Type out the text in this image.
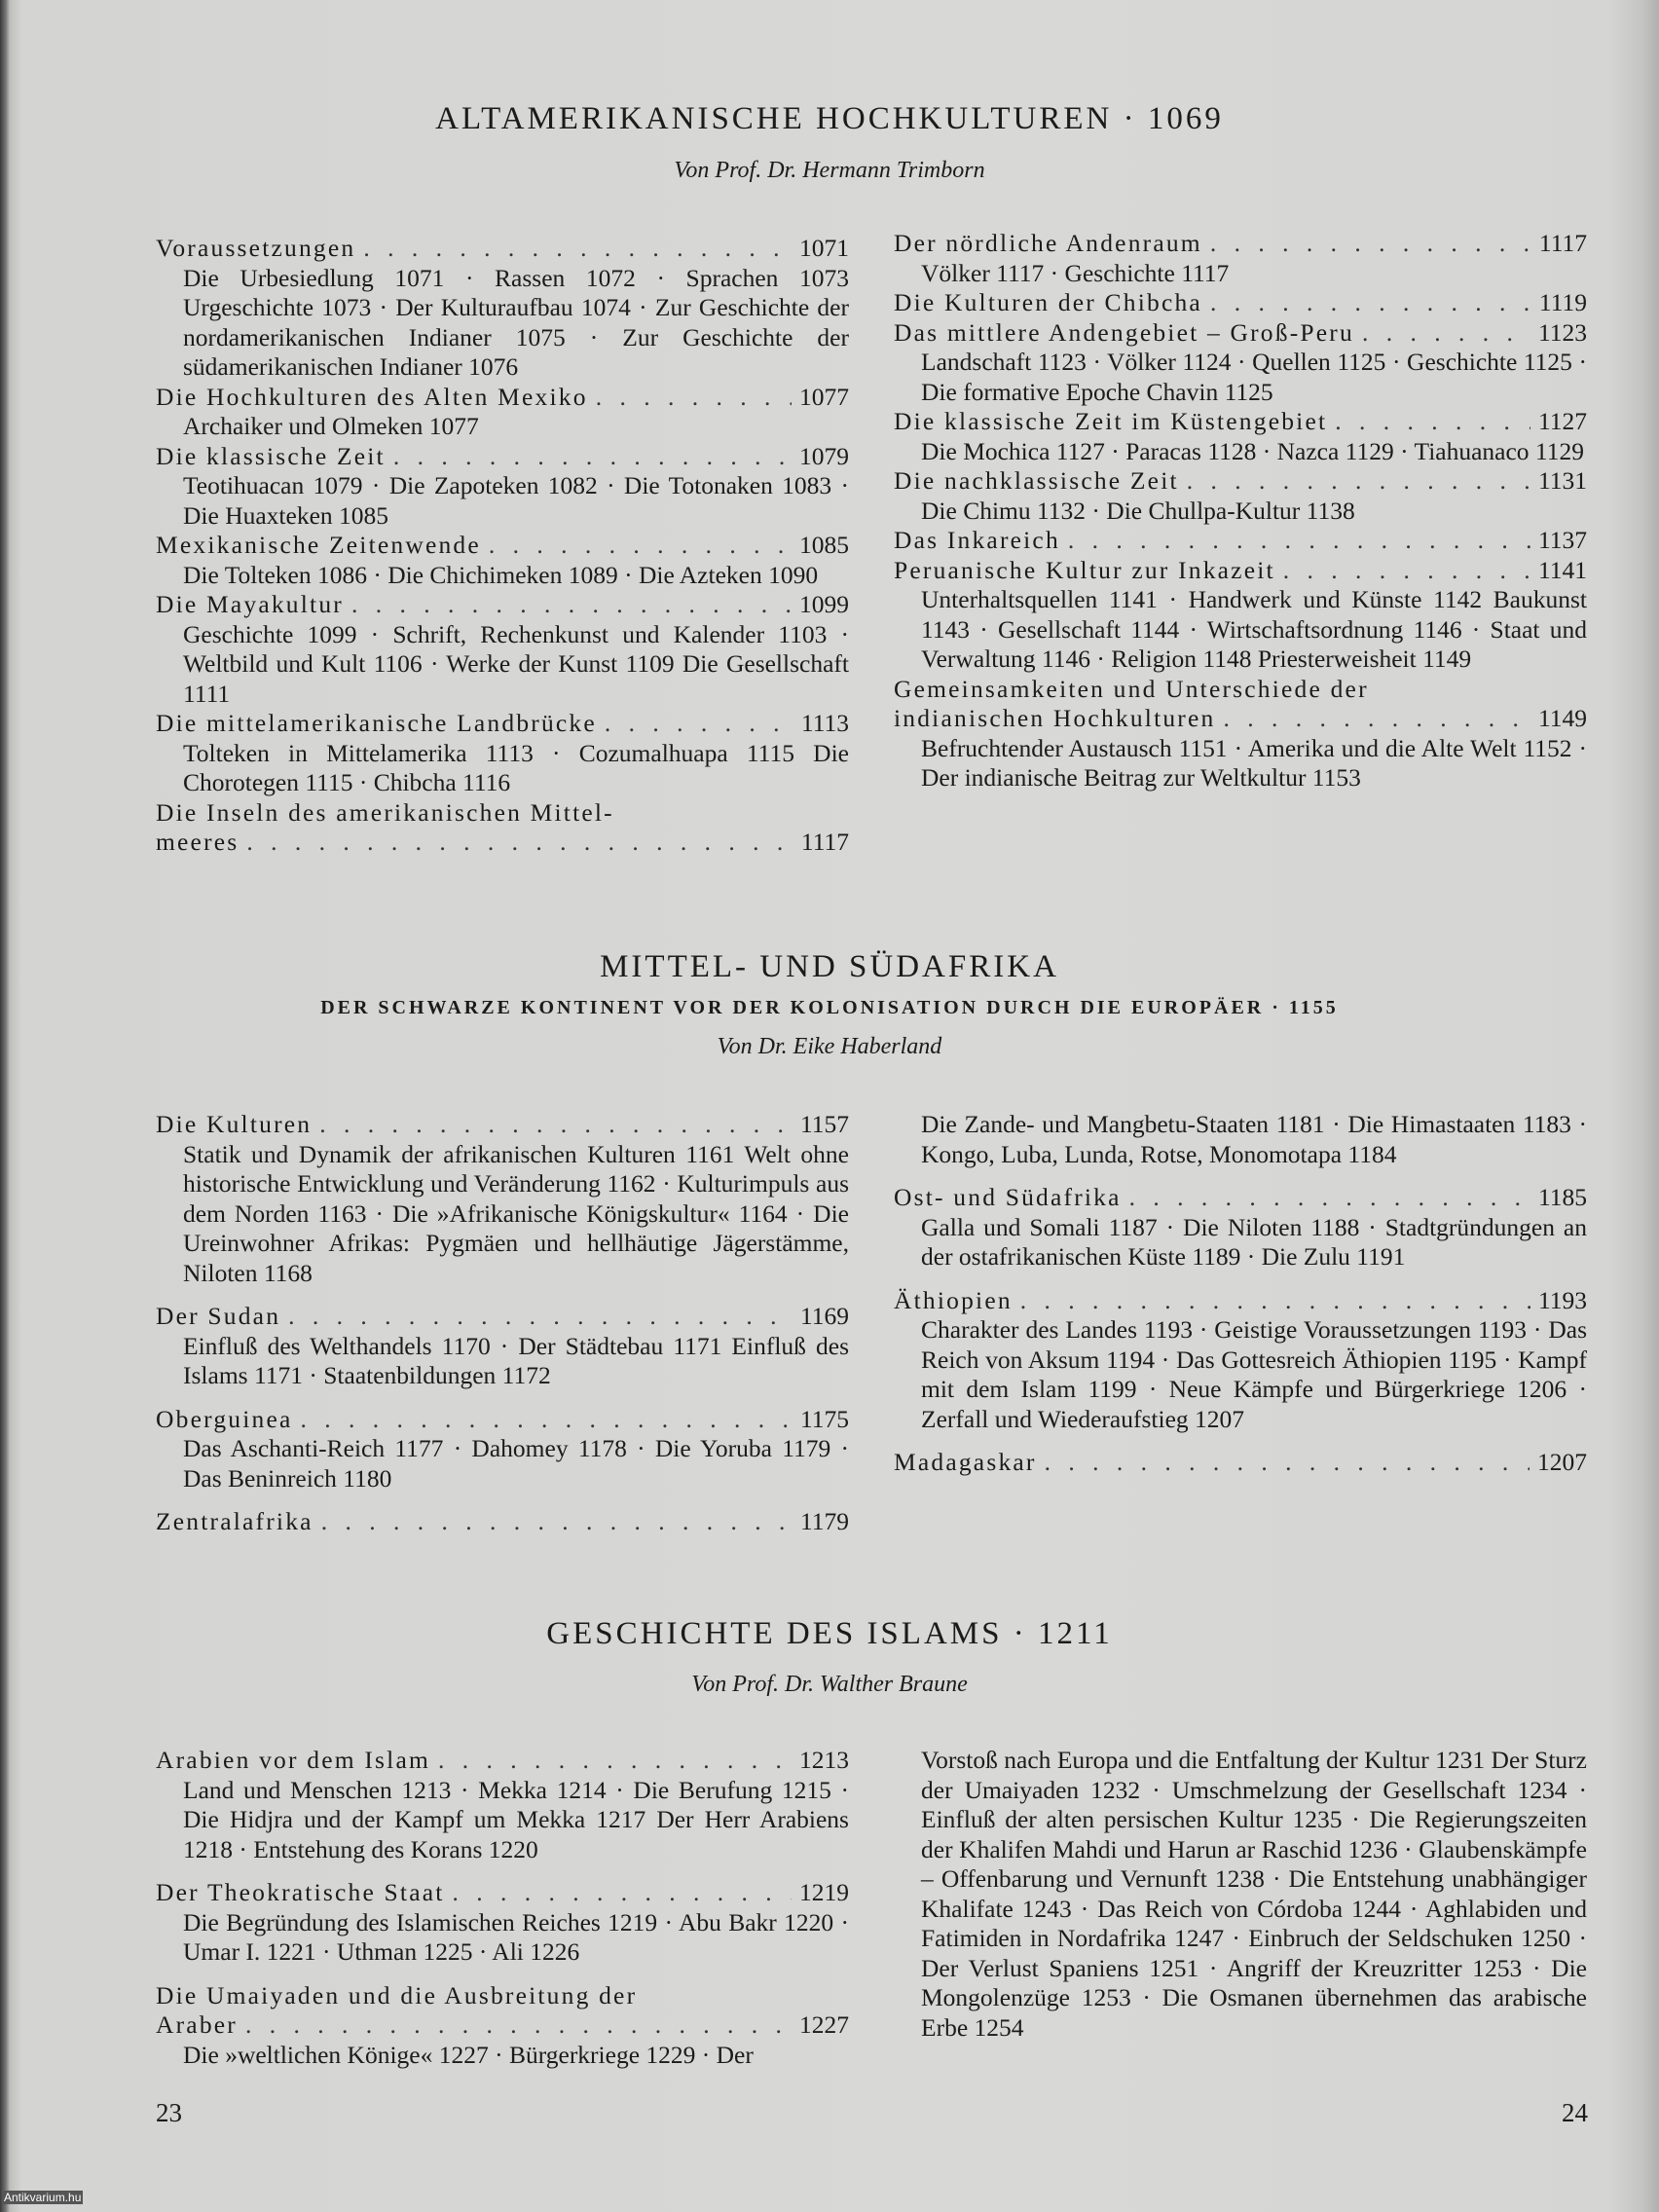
ALTAMERIKANISCHE HOCHKULTUREN · 1069
Von Prof. Dr. Hermann Trimborn
Voraussetzungen . . .	1071
Die Urbesiedlung 1071 · Rassen 1072 · Sprachen 1073 Urgeschichte 1073 · Der Kulturaufbau 1074 · Zur Geschichte der nordamerikanischen Indianer 1075 · Zur Geschichte der südamerikanischen Indianer 1076
Die Hochkulturen des Alten Mexiko . . .	1077
Archaiker und Olmeken 1077
Die klassische Zeit . . .	1079
Teotihuacan 1079 · Die Zapoteken 1082 · Die Totonaken 1083 · Die Huaxteken 1085
Mexikanische Zeitenwende . . .	1085
Die Tolteken 1086 · Die Chichimeken 1089 · Die Azteken 1090
Die Mayakultur . . .	1099
Geschichte 1099 · Schrift, Rechenkunst und Kalender 1103 · Weltbild und Kult 1106 · Werke der Kunst 1109 Die Gesellschaft 1111
Die mittelamerikanische Landbrücke . . .	1113
Tolteken in Mittelamerika 1113 · Cozumalhuapa 1115 Die Chorotegen 1115 · Chibcha 1116
Die Inseln des amerikanischen Mittel-
meeres . . .	1117
Der nördliche Andenraum . . .	1117
Völker 1117 · Geschichte 1117
Die Kulturen der Chibcha . . .	1119
Das mittlere Andengebiet – Groß-Peru . . .	1123
Landschaft 1123 · Völker 1124 · Quellen 1125 · Geschichte 1125 · Die formative Epoche Chavin 1125
Die klassische Zeit im Küstengebiet . . .	1127
Die Mochica 1127 · Paracas 1128 · Nazca 1129 · Tiahuanaco 1129
Die nachklassische Zeit . . .	1131
Die Chimu 1132 · Die Chullpa-Kultur 1138
Das Inkareich . . .	1137
Peruanische Kultur zur Inkazeit . . .	1141
Unterhaltsquellen 1141 · Handwerk und Künste 1142 Baukunst 1143 · Gesellschaft 1144 · Wirtschaftsordnung 1146 · Staat und Verwaltung 1146 · Religion 1148 Priesterweisheit 1149
Gemeinsamkeiten und Unterschiede der
indianischen Hochkulturen . . .	1149
Befruchtender Austausch 1151 · Amerika und die Alte Welt 1152 · Der indianische Beitrag zur Weltkultur 1153
MITTEL- UND SÜDAFRIKA
DER SCHWARZE KONTINENT VOR DER KOLONISATION DURCH DIE EUROPÄER · 1155
Von Dr. Eike Haberland
Die Kulturen . . .	1157
Statik und Dynamik der afrikanischen Kulturen 1161 Welt ohne historische Entwicklung und Veränderung 1162 · Kulturimpuls aus dem Norden 1163 · Die »Afrikanische Königskultur« 1164 · Die Ureinwohner Afrikas: Pygmäen und hellhäutige Jägerstämme, Niloten 1168
Der Sudan . . .	1169
Einfluß des Welthandels 1170 · Der Städtebau 1171 Einfluß des Islams 1171 · Staatenbildungen 1172
Oberguinea . . .	1175
Das Aschanti-Reich 1177 · Dahomey 1178 · Die Yoruba 1179 · Das Beninreich 1180
Zentralafrika . . .	1179
Die Zande- und Mangbetu-Staaten 1181 · Die Himastaaten 1183 · Kongo, Luba, Lunda, Rotse, Monomotapa 1184
Ost- und Südafrika . . .	1185
Galla und Somali 1187 · Die Niloten 1188 · Stadtgründungen an der ostafrikanischen Küste 1189 · Die Zulu 1191
Äthiopien . . .	1193
Charakter des Landes 1193 · Geistige Voraussetzungen 1193 · Das Reich von Aksum 1194 · Das Gottesreich Äthiopien 1195 · Kampf mit dem Islam 1199 · Neue Kämpfe und Bürgerkriege 1206 · Zerfall und Wiederaufstieg 1207
Madagaskar . . .	1207
GESCHICHTE DES ISLAMS · 1211
Von Prof. Dr. Walther Braune
Arabien vor dem Islam . . .	1213
Land und Menschen 1213 · Mekka 1214 · Die Berufung 1215 · Die Hidjra und der Kampf um Mekka 1217 Der Herr Arabiens 1218 · Entstehung des Korans 1220
Der Theokratische Staat . . .	1219
Die Begründung des Islamischen Reiches 1219 · Abu Bakr 1220 · Umar I. 1221 · Uthman 1225 · Ali 1226
Die Umaiyaden und die Ausbreitung der
Araber . . .	1227
Die »weltlichen Könige« 1227 · Bürgerkriege 1229 · Der
Vorstoß nach Europa und die Entfaltung der Kultur 1231 Der Sturz der Umaiyaden 1232 · Umschmelzung der Gesellschaft 1234 · Einfluß der alten persischen Kultur 1235 · Die Regierungszeiten der Khalifen Mahdi und Harun ar Raschid 1236 · Glaubenskämpfe – Offenbarung und Vernunft 1238 · Die Entstehung unabhängiger Khalifate 1243 · Das Reich von Córdoba 1244 · Aghlabiden und Fatimiden in Nordafrika 1247 · Einbruch der Seldschuken 1250 · Der Verlust Spaniens 1251 · Angriff der Kreuzritter 1253 · Die Mongolenzüge 1253 · Die Osmanen übernehmen das arabische Erbe 1254
23	24
Antikvarium.hu
